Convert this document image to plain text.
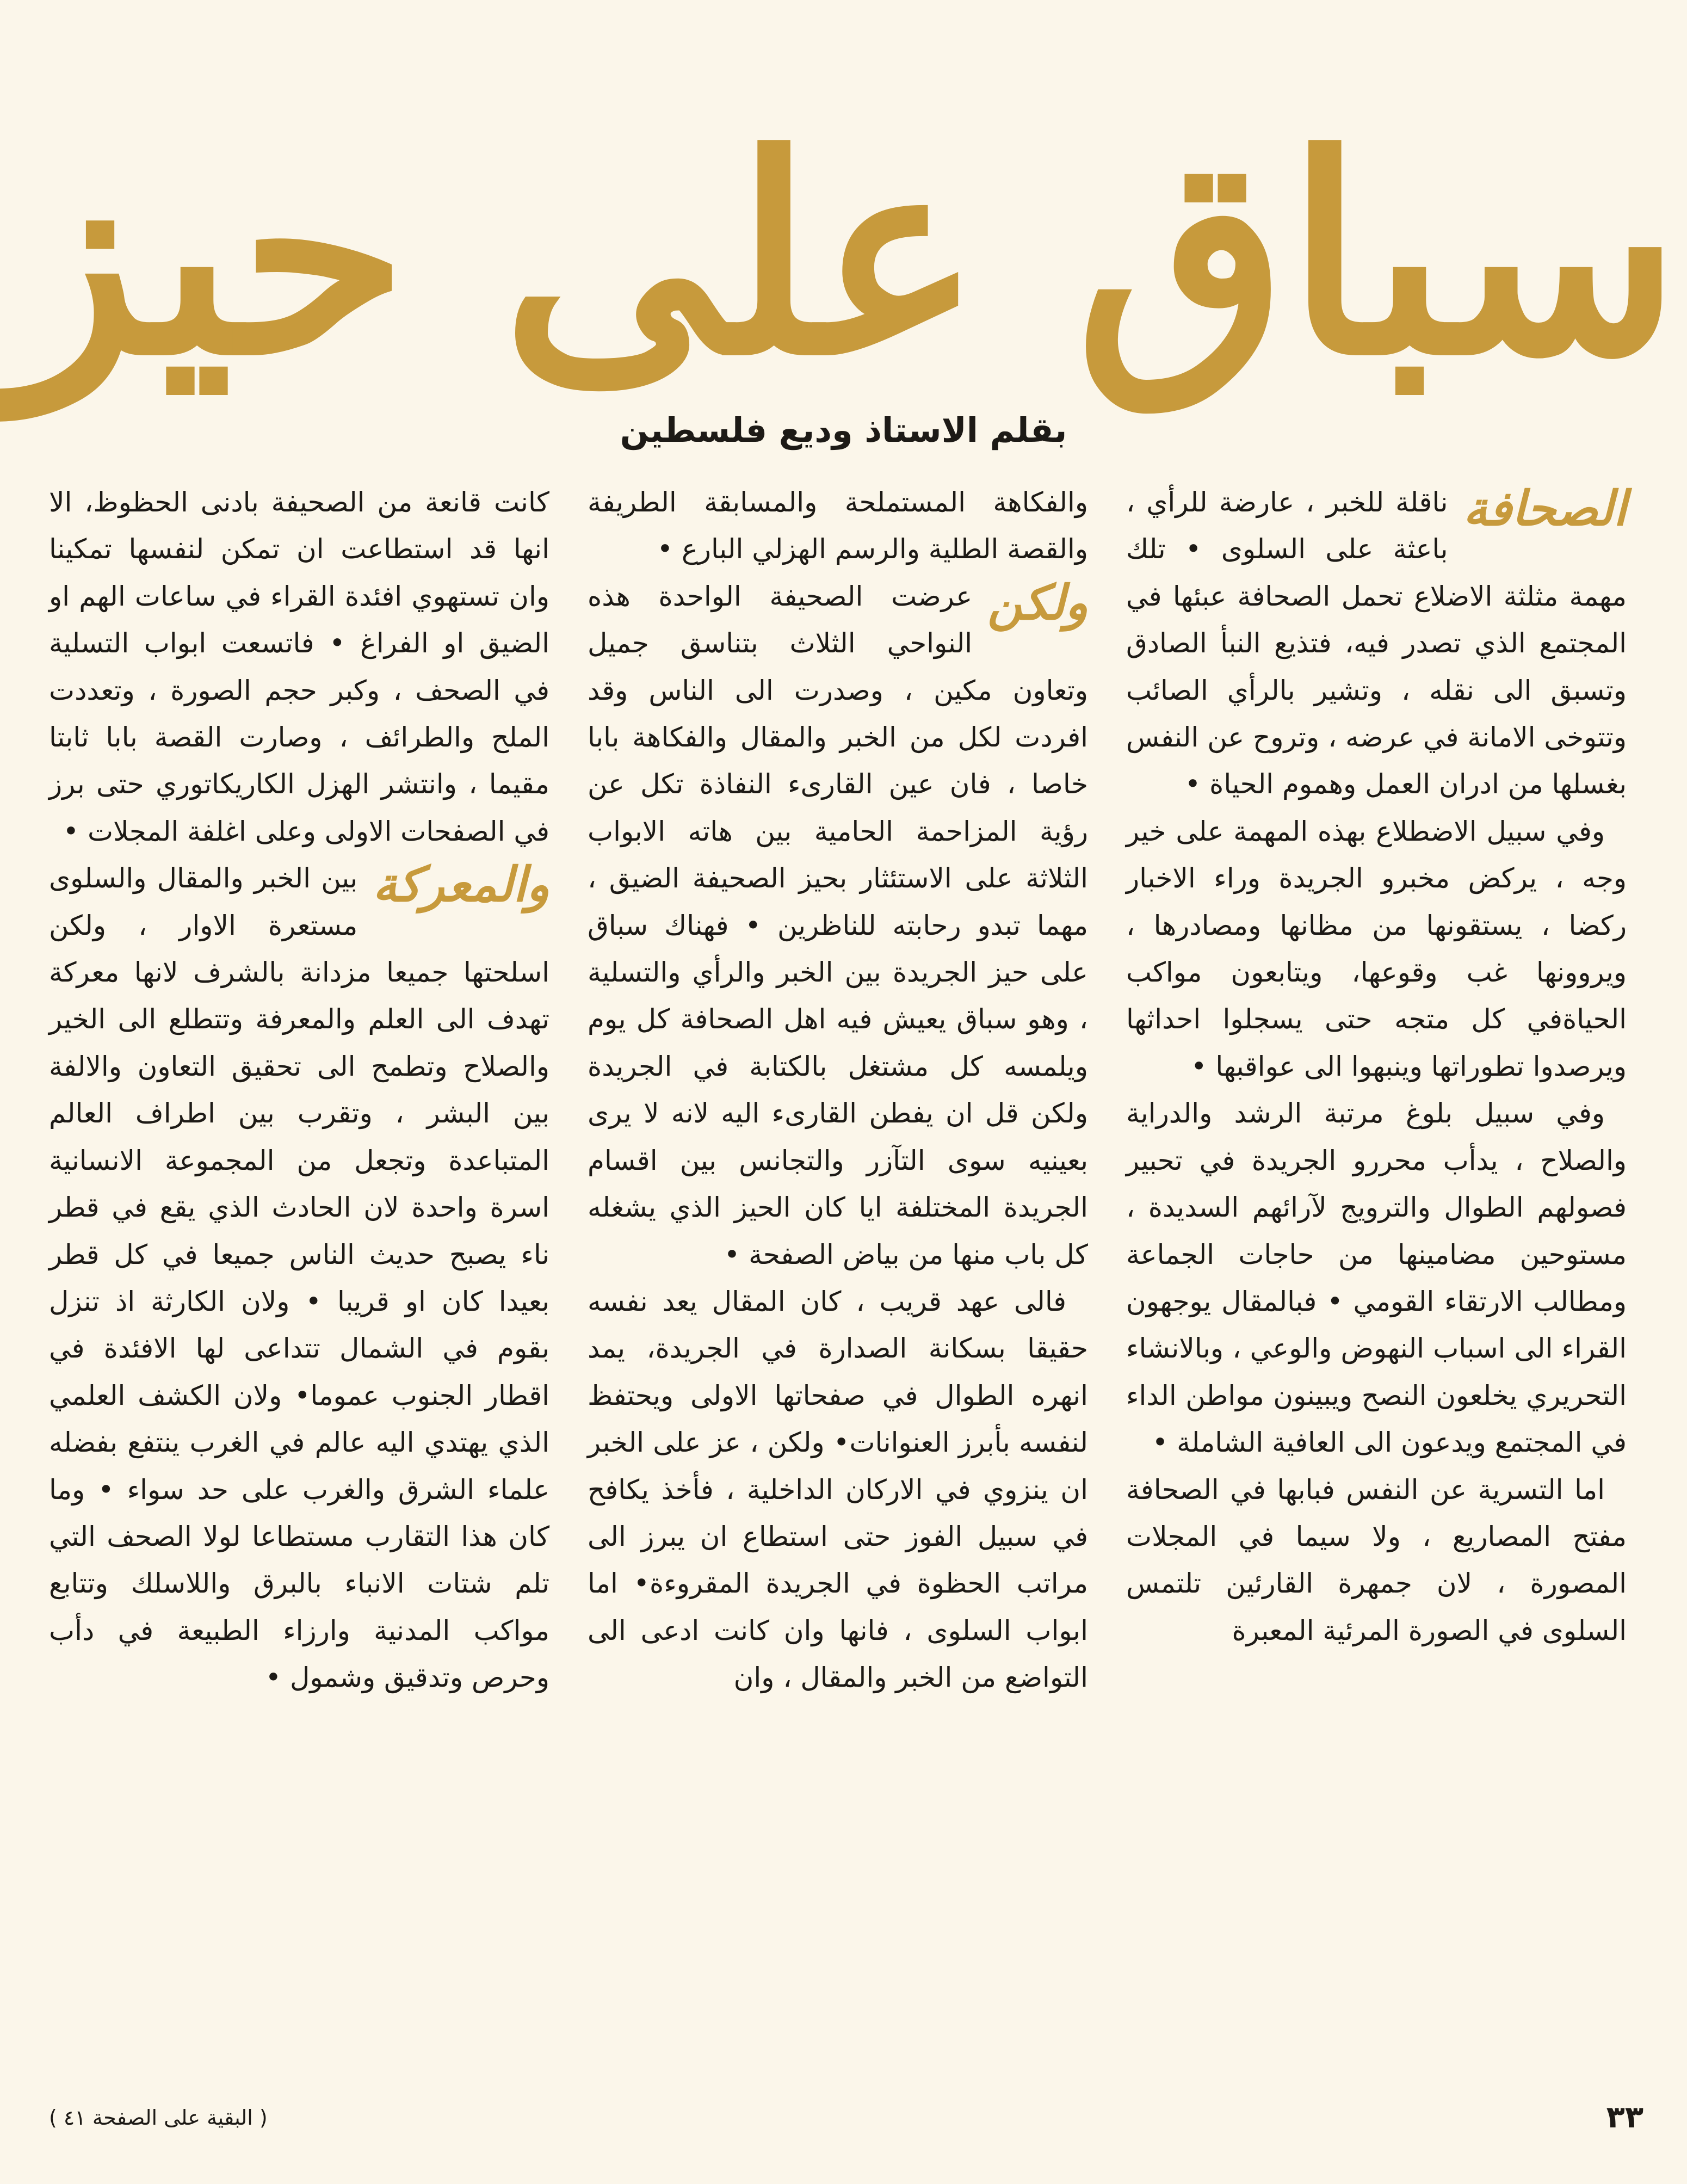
سباق على حيز
بقلم الاستاذ وديع فلسطين
الصحافة

ناقلة للخبر ، عارضة للرأي ، باعثة على السلوى • تلك مهمة مثلثة الاضلاع تحمل الصحافة عبئها في المجتمع الذي تصدر فيه، فتذيع النبأ الصادق وتسبق الى نقله ، وتشير بالرأي الصائب وتتوخى الامانة في عرضه ، وتروح عن النفس بغسلها من ادران العمل وهموم الحياة •

وفي سبيل الاضطلاع بهذه المهمة على خير وجه ، يركض مخبرو الجريدة وراء الاخبار ركضا ، يستقونها من مظانها ومصادرها ، ويروونها غب وقوعها، ويتابعون مواكب الحياةفي كل متجه حتى يسجلوا احداثها ويرصدوا تطوراتها وينبهوا الى عواقبها •

وفي سبيل بلوغ مرتبة الرشد والدراية والصلاح ، يدأب محررو الجريدة في تحبير فصولهم الطوال والترويج لآرائهم السديدة ، مستوحين مضامينها من حاجات الجماعة ومطالب الارتقاء القومي • فبالمقال يوجهون القراء الى اسباب النهوض والوعي ، وبالانشاء التحريري يخلعون النصح ويبينون مواطن الداء في المجتمع ويدعون الى العافية الشاملة •

اما التسرية عن النفس فبابها في الصحافة مفتح المصاريع ، ولا سيما في المجلات المصورة ، لان جمهرة القارئين تلتمس السلوى في الصورة المرئية المعبرة

والفكاهة المستملحة والمسابقة الطريفة والقصة الطلية والرسم الهزلي البارع •

ولكن

عرضت الصحيفة الواحدة هذه النواحي الثلاث بتناسق جميل وتعاون مكين ، وصدرت الى الناس وقد افردت لكل من الخبر والمقال والفكاهة بابا خاصا ، فان عين القارىء النفاذة تكل عن رؤية المزاحمة الحامية بين هاته الابواب الثلاثة على الاستئثار بحيز الصحيفة الضيق ، مهما تبدو رحابته للناظرين • فهناك سباق على حيز الجريدة بين الخبر والرأي والتسلية ، وهو سباق يعيش فيه اهل الصحافة كل يوم ويلمسه كل مشتغل بالكتابة في الجريدة ولكن قل ان يفطن القارىء اليه لانه لا يرى بعينيه سوى التآزر والتجانس بين اقسام الجريدة المختلفة ايا كان الحيز الذي يشغله كل باب منها من بياض الصفحة •

فالى عهد قريب ، كان المقال يعد نفسه حقيقا بسكانة الصدارة في الجريدة، يمد انهره الطوال في صفحاتها الاولى ويحتفظ لنفسه بأبرز العنوانات• ولكن ، عز على الخبر ان ينزوي في الاركان الداخلية ، فأخذ يكافح في سبيل الفوز حتى استطاع ان يبرز الى مراتب الحظوة في الجريدة المقروءة• اما ابواب السلوى ، فانها وان كانت ادعى الى التواضع من الخبر والمقال ، وان

كانت قانعة من الصحيفة بادنى الحظوظ، الا انها قد استطاعت ان تمكن لنفسها تمكينا وان تستهوي افئدة القراء في ساعات الهم او الضيق او الفراغ • فاتسعت ابواب التسلية في الصحف ، وكبر حجم الصورة ، وتعددت الملح والطرائف ، وصارت القصة بابا ثابتا مقيما ، وانتشر الهزل الكاريكاتوري حتى برز في الصفحات الاولى وعلى اغلفة المجلات •

والمعركة

بين الخبر والمقال والسلوى مستعرة الاوار ، ولكن اسلحتها جميعا مزدانة بالشرف لانها معركة تهدف الى العلم والمعرفة وتتطلع الى الخير والصلاح وتطمح الى تحقيق التعاون والالفة بين البشر ، وتقرب بين اطراف العالم المتباعدة وتجعل من المجموعة الانسانية اسرة واحدة لان الحادث الذي يقع في قطر ناء يصبح حديث الناس جميعا في كل قطر بعيدا كان او قريبا • ولان الكارثة اذ تنزل بقوم في الشمال تتداعى لها الافئدة في اقطار الجنوب عموما• ولان الكشف العلمي الذي يهتدي اليه عالم في الغرب ينتفع بفضله علماء الشرق والغرب على حد سواء • وما كان هذا التقارب مستطاعا لولا الصحف التي تلم شتات الانباء بالبرق واللاسلك وتتابع مواكب المدنية وارزاء الطبيعة في دأب وحرص وتدقيق وشمول •

٣٣
( البقية على الصفحة ٤١ )
